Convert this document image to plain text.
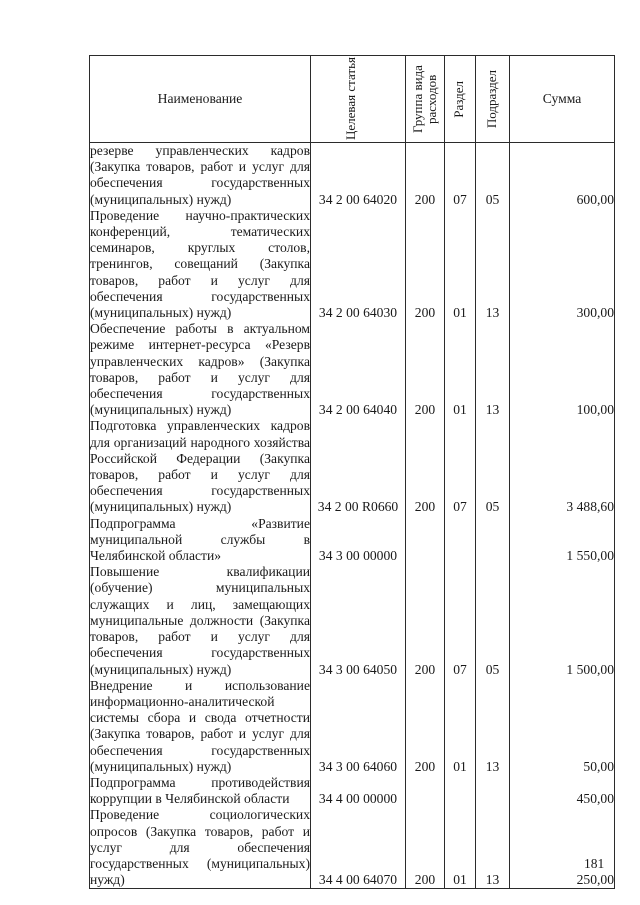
Наименование	Целевая статья	Группа вида расходов	Раздел	Подраздел	Сумма
резерве управленческих кадров (Закупка товаров, работ и услуг для обеспечения государственных (муниципальных) нужд)	34 2 00 64020	200	07	05	600,00
Проведение научно-практических конференций, тематических семинаров, круглых столов, тренингов, совещаний (Закупка товаров, работ и услуг для обеспечения государственных (муниципальных) нужд)	34 2 00 64030	200	01	13	300,00
Обеспечение работы в актуальном режиме интернет-ресурса «Резерв управленческих кадров» (Закупка товаров, работ и услуг для обеспечения государственных (муниципальных) нужд)	34 2 00 64040	200	01	13	100,00
Подготовка управленческих кадров для организаций народного хозяйства Российской Федерации (Закупка товаров, работ и услуг для обеспечения государственных (муниципальных) нужд)	34 2 00 R0660	200	07	05	3 488,60
Подпрограмма «Развитие муниципальной службы в Челябинской области»	34 3 00 00000				1 550,00
Повышение квалификации (обучение) муниципальных служащих и лиц, замещающих муниципальные должности (Закупка товаров, работ и услуг для обеспечения государственных (муниципальных) нужд)	34 3 00 64050	200	07	05	1 500,00
Внедрение и использование информационно-аналитической системы сбора и свода отчетности (Закупка товаров, работ и услуг для обеспечения государственных (муниципальных) нужд)	34 3 00 64060	200	01	13	50,00
Подпрограмма противодействия коррупции в Челябинской области	34 4 00 00000				450,00
Проведение социологических опросов (Закупка товаров, работ и услуг для обеспечения государственных (муниципальных) нужд)	34 4 00 64070	200	01	13	250,00
181
